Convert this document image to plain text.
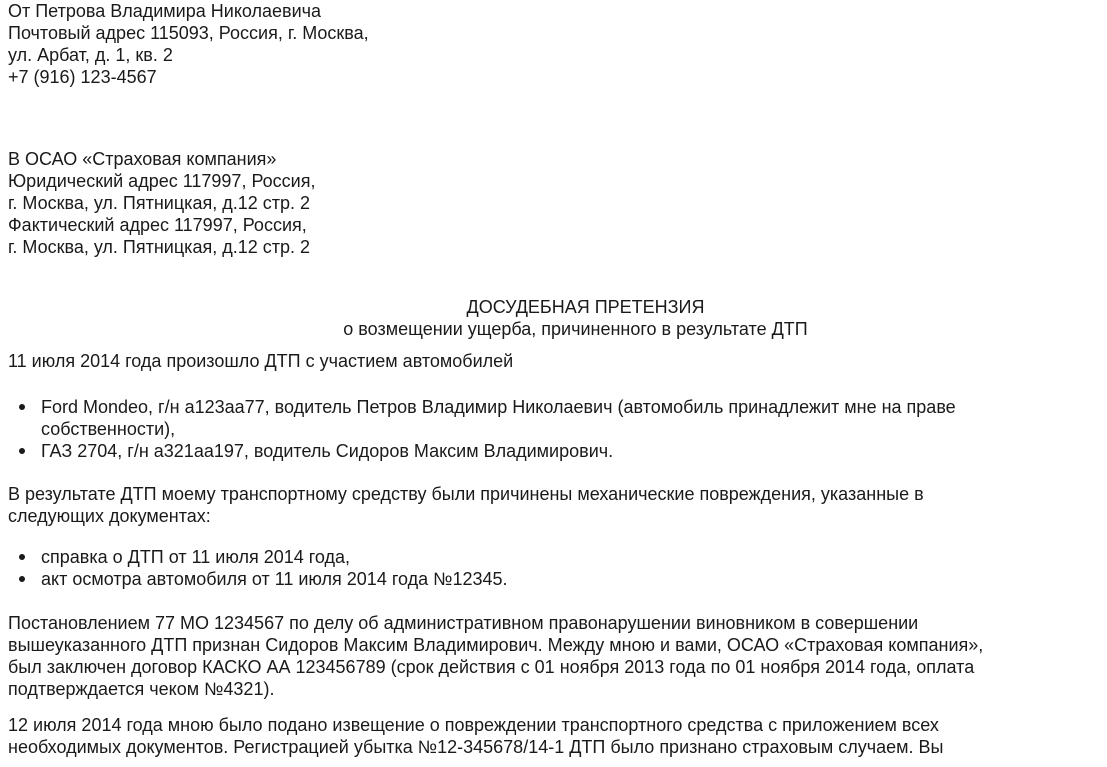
От Петрова Владимира Николаевича
Почтовый адрес 115093, Россия, г. Москва,
ул. Арбат, д. 1, кв. 2
+7 (916) 123-4567
В ОСАО «Страховая компания»
Юридический адрес 117997, Россия,
г. Москва, ул. Пятницкая, д.12 стр. 2
Фактический адрес 117997, Россия,
г. Москва, ул. Пятницкая, д.12 стр. 2
ДОСУДЕБНАЯ ПРЕТЕНЗИЯ
о возмещении ущерба, причиненного в результате ДТП
11 июля 2014 года произошло ДТП с участием автомобилей
Ford Mondeo, г/н а123аа77, водитель Петров Владимир Николаевич (автомобиль принадлежит мне на праве
собственности),
ГАЗ 2704, г/н а321аа197, водитель Сидоров Максим Владимирович.
В результате ДТП моему транспортному средству были причинены механические повреждения, указанные в
следующих документах:
справка о ДТП от 11 июля 2014 года,
акт осмотра автомобиля от 11 июля 2014 года №12345.
Постановлением 77 МО 1234567 по делу об административном правонарушении виновником в совершении
вышеуказанного ДТП признан Сидоров Максим Владимирович. Между мною и вами, ОСАО «Страховая компания»,
был заключен договор КАСКО АА 123456789 (срок действия с 01 ноября 2013 года по 01 ноября 2014 года, оплата
подтверждается чеком №4321).
12 июля 2014 года мною было подано извещение о повреждении транспортного средства с приложением всех
необходимых документов. Регистрацией убытка №12-345678/14-1 ДТП было признано страховым случаем. Вы
